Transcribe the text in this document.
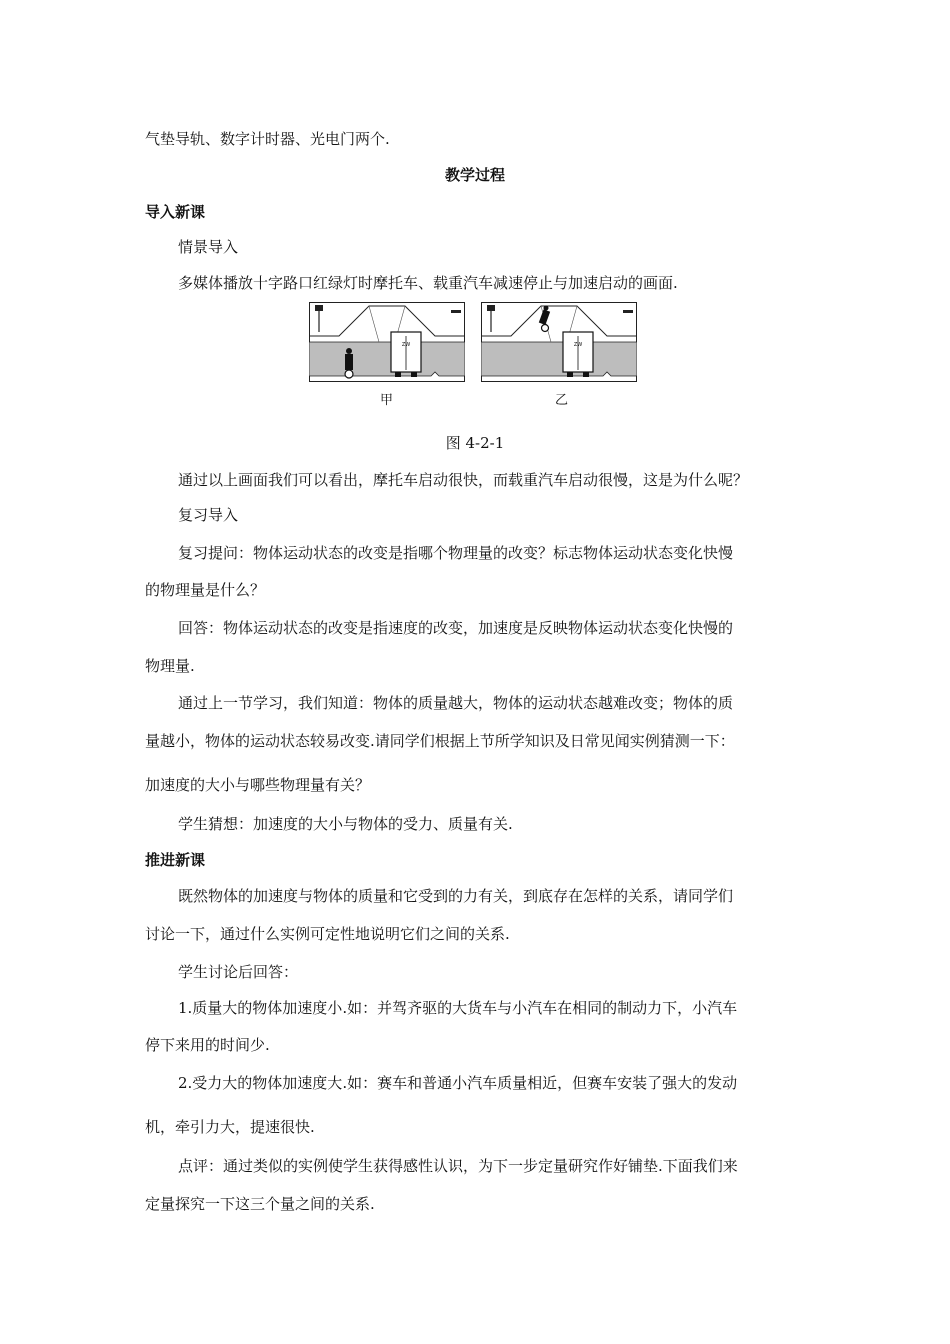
气垫导轨、数字计时器、光电门两个.

教学过程

导入新课

情景导入

多媒体播放十字路口红绿灯时摩托车、载重汽车减速停止与加速启动的画面.

ZW
甲
ZW
乙

图 4-2-1

通过以上画面我们可以看出，摩托车启动很快，而载重汽车启动很慢，这是为什么呢？

复习导入

复习提问：物体运动状态的改变是指哪个物理量的改变？标志物体运动状态变化快慢

的物理量是什么？

回答：物体运动状态的改变是指速度的改变，加速度是反映物体运动状态变化快慢的

物理量.

通过上一节学习，我们知道：物体的质量越大，物体的运动状态越难改变；物体的质

量越小，物体的运动状态较易改变.请同学们根据上节所学知识及日常见闻实例猜测一下：

加速度的大小与哪些物理量有关？

学生猜想：加速度的大小与物体的受力、质量有关.

推进新课

既然物体的加速度与物体的质量和它受到的力有关，到底存在怎样的关系，请同学们

讨论一下，通过什么实例可定性地说明它们之间的关系.

学生讨论后回答：

1.质量大的物体加速度小.如：并驾齐驱的大货车与小汽车在相同的制动力下，小汽车

停下来用的时间少.

2.受力大的物体加速度大.如：赛车和普通小汽车质量相近，但赛车安装了强大的发动

机，牵引力大，提速很快.

点评：通过类似的实例使学生获得感性认识，为下一步定量研究作好铺垫.下面我们来

定量探究一下这三个量之间的关系.
